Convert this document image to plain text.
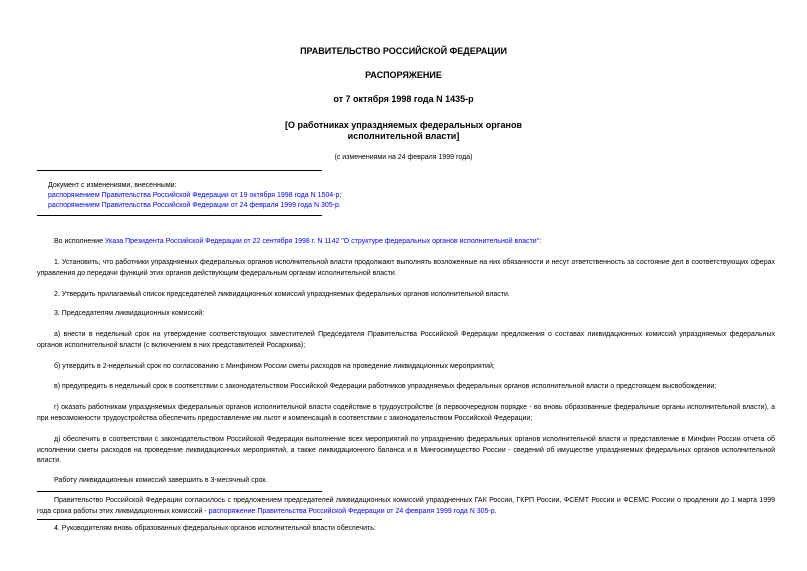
ПРАВИТЕЛЬСТВО РОССИЙСКОЙ ФЕДЕРАЦИИ
РАСПОРЯЖЕНИЕ
от 7 октября 1998 года N 1435-р
[О работниках упраздняемых федеральных органов
исполнительной власти]
(с изменениями на 24 февраля 1999 года)
Документ с изменениями, внесенными:
распоряжением Правительства Российской Федерации от 19 октября 1998 года N 1504-р;
распоряжением Правительства Российской Федерации от 24 февраля 1999 года N 305-р.
Во исполнение Указа Президента Российской Федерации от 22 сентября 1998 г. N 1142 "О структуре федеральных органов исполнительной власти":
1. Установить, что работники упраздняемых федеральных органов исполнительной власти продолжают выполнять возложенные на них обязанности и несут ответственность за состояние дел в соответствующих сферах управления до передачи функций этих органов действующим федеральным органам исполнительной власти.
2. Утвердить прилагаемый список председателей ликвидационных комиссий упраздняемых федеральных органов исполнительной власти.
3. Председателям ликвидационных комиссий:
а) внести в недельный срок на утверждение соответствующих заместителей Председателя Правительства Российской Федерации предложения о составах ликвидационных комиссий упраздняемых федеральных органов исполнительной власти (с включением в них представителей Росархива);
б) утвердить в 2-недельный срок по согласованию с Минфином России сметы расходов на проведение ликвидационных мероприятий;
в) предупредить в недельный срок в соответствии с законодательством Российской Федерации работников упраздняемых федеральных органов исполнительной власти о предстоящем высвобождении;
г) оказать работникам упраздняемых федеральных органов исполнительной власти содействие в трудоустройстве (в первоочередном порядке - во вновь образованные федеральные органы исполнительной власти), а при невозможности трудоустройства обеспечить предоставление им льгот и компенсаций в соответствии с законодательством Российской Федерации;
д) обеспечить в соответствии с законодательством Российской Федерации выполнение всех мероприятий по упразднению федеральных органов исполнительной власти и представление в Минфин России отчета об исполнении сметы расходов на проведение ликвидационных мероприятий, а также ликвидационного баланса и в Мингосимущество России - сведений об имуществе упраздняемых федеральных органов исполнительной власти.
Работу ликвидационных комиссий завершить в 3-месячный срок.
Правительство Российской Федерации согласилось с предложением председателей ликвидационных комиссий упраздненных ГАК России, ГКРП России, ФСЕМТ России и ФСЕМС России о продлении до 1 марта 1999 года срока работы этих ликвидационных комиссий - распоряжение Правительства Российской Федерации от 24 февраля 1999 года N 305-р.
4. Руководителям вновь образованных федеральных органов исполнительной власти обеспечить:
